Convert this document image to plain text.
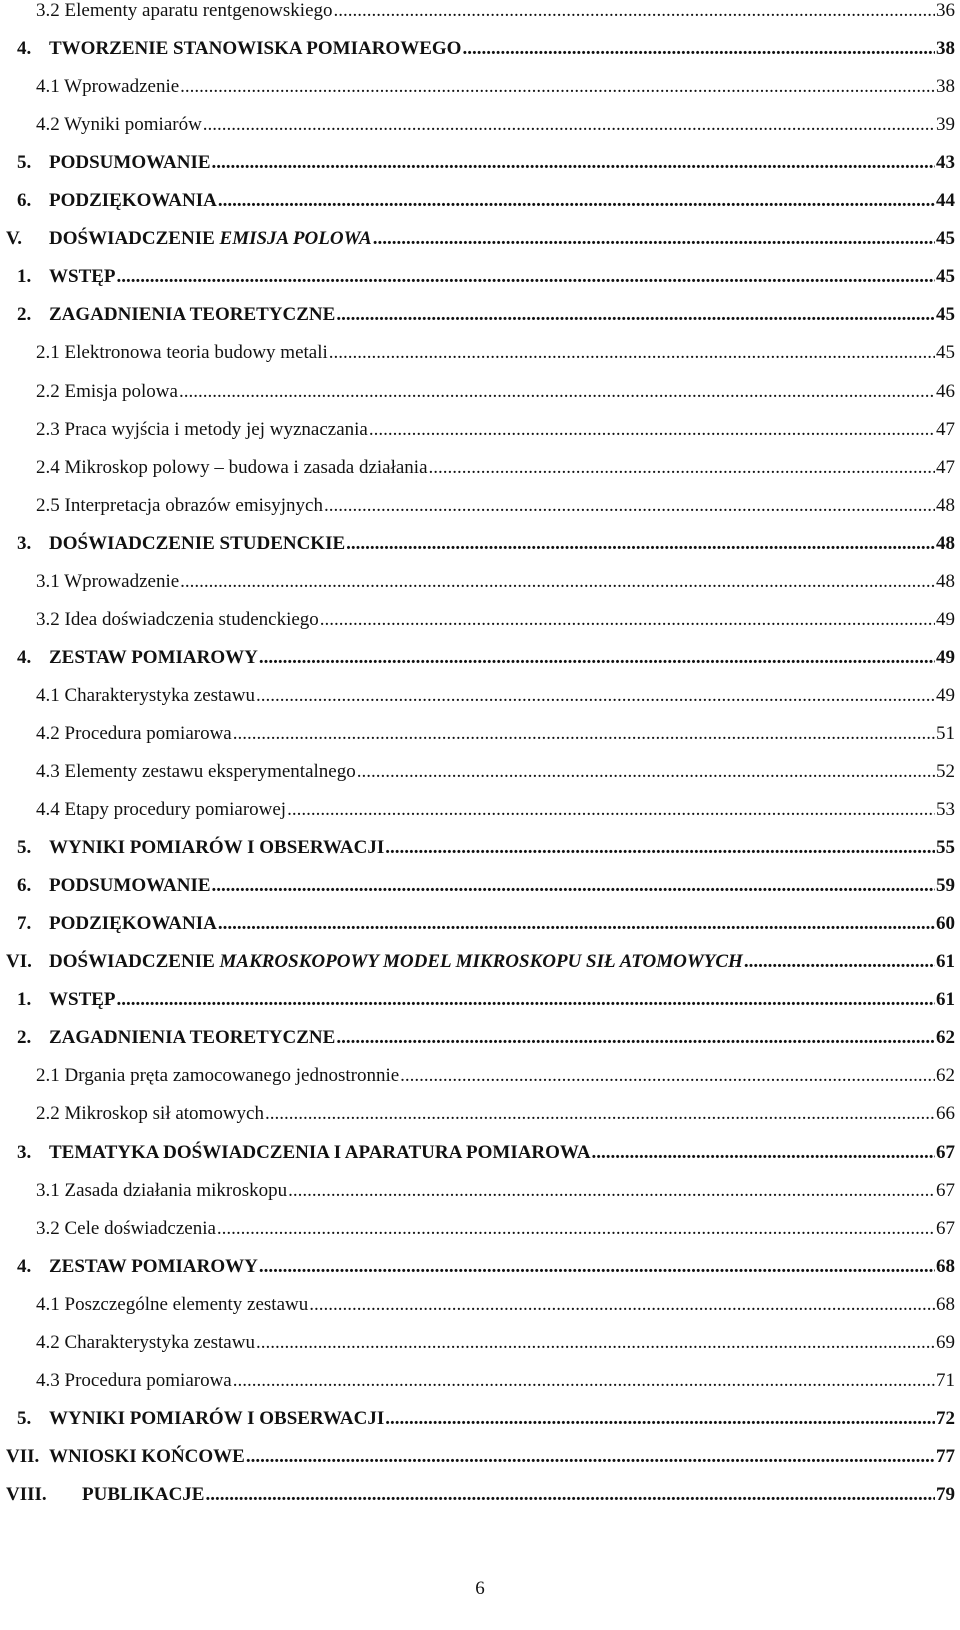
3.2 Elementy aparatu rentgenowskiego .....	36
4. TWORZENIE STANOWISKA POMIAROWEGO .....	38
4.1 Wprowadzenie .....	38
4.2 Wyniki pomiarów .....	39
5. PODSUMOWANIE .....	43
6. PODZIĘKOWANIA .....	44
V.	DOŚWIADCZENIE EMISJA POLOWA .....	45
1. WSTĘP .....	45
2. ZAGADNIENIA TEORETYCZNE .....	45
2.1 Elektronowa teoria budowy metali .....	45
2.2 Emisja polowa .....	46
2.3 Praca wyjścia i metody jej wyznaczania .....	47
2.4 Mikroskop polowy – budowa i zasada działania .....	47
2.5 Interpretacja obrazów emisyjnych .....	48
3. DOŚWIADCZENIE STUDENCKIE .....	48
3.1 Wprowadzenie .....	48
3.2 Idea doświadczenia studenckiego .....	49
4. ZESTAW POMIAROWY .....	49
4.1 Charakterystyka zestawu .....	49
4.2 Procedura pomiarowa .....	51
4.3 Elementy zestawu eksperymentalnego .....	52
4.4 Etapy procedury pomiarowej .....	53
5. WYNIKI POMIARÓW I OBSERWACJI .....	55
6. PODSUMOWANIE .....	59
7. PODZIĘKOWANIA .....	60
VI. DOŚWIADCZENIE MAKROSKOPOWY MODEL MIKROSKOPU SIŁ ATOMOWYCH .....	61
1. WSTĘP .....	61
2. ZAGADNIENIA TEORETYCZNE .....	62
2.1 Drgania pręta zamocowanego jednostronnie .....	62
2.2 Mikroskop sił atomowych .....	66
3. TEMATYKA DOŚWIADCZENIA I APARATURA POMIAROWA .....	67
3.1 Zasada działania mikroskopu .....	67
3.2 Cele doświadczenia .....	67
4. ZESTAW POMIAROWY .....	68
4.1 Poszczególne elementy zestawu .....	68
4.2 Charakterystyka zestawu .....	69
4.3 Procedura pomiarowa .....	71
5. WYNIKI POMIARÓW I OBSERWACJI .....	72
VII. WNIOSKI KOŃCOWE .....	77
VIII.	PUBLIKACJE .....	79
6
